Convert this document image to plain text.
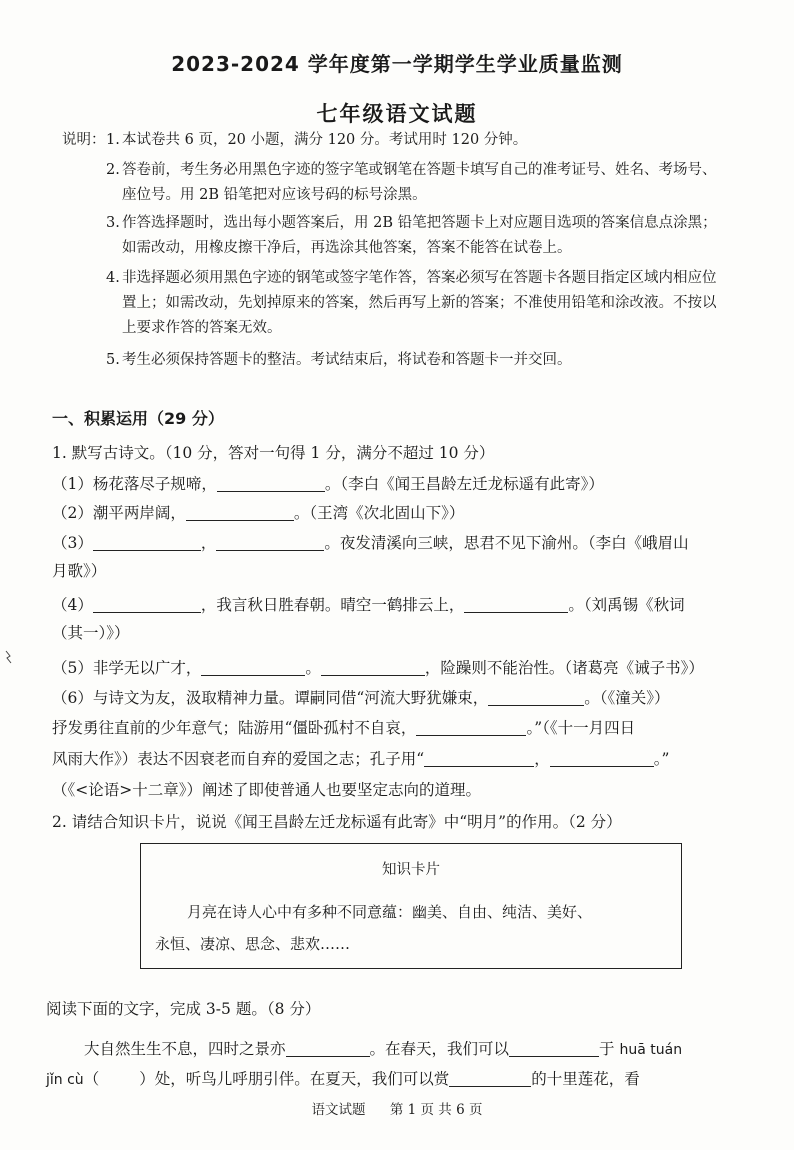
2023-2024 学年度第一学期学生学业质量监测
七年级语文试题
说明： 1. 本试卷共 6 页，20 小题，满分 120 分。考试用时 120 分钟。
2. 答卷前，考生务必用黑色字迹的签字笔或钢笔在答题卡填写自己的准考证号、姓名、考场号、
座位号。用 2B 铅笔把对应该号码的标号涂黑。
3. 作答选择题时，选出每小题答案后，用 2B 铅笔把答题卡上对应题目选项的答案信息点涂黑；
如需改动，用橡皮擦干净后，再选涂其他答案，答案不能答在试卷上。
4. 非选择题必须用黑色字迹的钢笔或签字笔作答，答案必须写在答题卡各题目指定区域内相应位
置上；如需改动，先划掉原来的答案，然后再写上新的答案；不准使用铅笔和涂改液。不按以
上要求作答的答案无效。
5. 考生必须保持答题卡的整洁。考试结束后，将试卷和答题卡一并交回。
一、积累运用（29 分）
1. 默写古诗文。（10 分，答对一句得 1 分，满分不超过 10 分）
（1）杨花落尽子规啼，	。（李白《闻王昌龄左迁龙标遥有此寄》）
（2）潮平两岸阔，	。（王湾《次北固山下》）
（3）	，	。夜发清溪向三峡，思君不见下渝州。（李白《峨眉山
月歌》）
（4）	，我言秋日胜春朝。晴空一鹤排云上，	。（刘禹锡《秋词
（其一）》）
（5）非学无以广才，	。	，险躁则不能治性。（诸葛亮《诫子书》）
（6）与诗文为友，汲取精神力量。谭嗣同借“河流大野犹嫌束，	。（《潼关》）
抒发勇往直前的少年意气；陆游用“僵卧孤村不自哀，	。”（《十一月四日
风雨大作》）表达不因衰老而自弃的爱国之志；孔子用“	，	。”
（《<论语>十二章》）阐述了即使普通人也要坚定志向的道理。
2. 请结合知识卡片，说说《闻王昌龄左迁龙标遥有此寄》中“明月”的作用。（2 分）
知识卡片
月亮在诗人心中有多种不同意蕴：幽美、自由、纯洁、美好、
永恒、凄凉、思念、悲欢……
阅读下面的文字，完成 3-5 题。（8 分）
大自然生生不息，四时之景亦	。在春天，我们可以	于 huā tuán
jǐn cù（	）处，听鸟儿呼朋引伴。在夏天，我们可以赏	的十里莲花，看
语文试题 第 1 页 共 6 页
